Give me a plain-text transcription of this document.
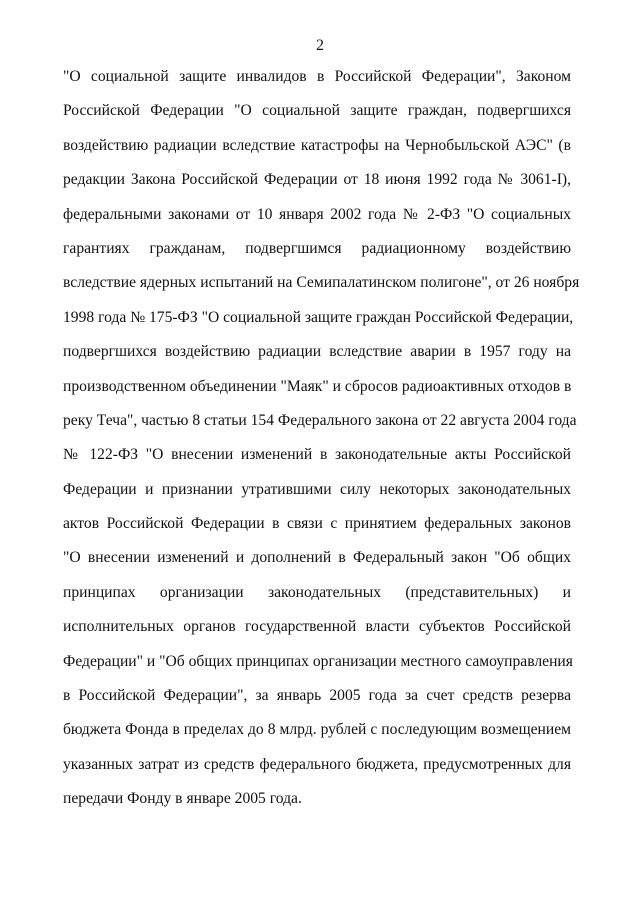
2
"О социальной защите инвалидов в Российской Федерации", Законом
Российской Федерации "О социальной защите граждан, подвергшихся
воздействию радиации вследствие катастрофы на Чернобыльской АЭС" (в
редакции Закона Российской Федерации от 18 июня 1992 года № 3061-I),
федеральными законами от 10 января 2002 года № 2-ФЗ "О социальных
гарантиях гражданам, подвергшимся радиационному воздействию
вследствие ядерных испытаний на Семипалатинском полигоне", от 26 ноября
1998 года № 175-ФЗ "О социальной защите граждан Российской Федерации,
подвергшихся воздействию радиации вследствие аварии в 1957 году на
производственном объединении "Маяк" и сбросов радиоактивных отходов в
реку Теча", частью 8 статьи 154 Федерального закона от 22 августа 2004 года
№ 122-ФЗ "О внесении изменений в законодательные акты Российской
Федерации и признании утратившими силу некоторых законодательных
актов Российской Федерации в связи с принятием федеральных законов
"О внесении изменений и дополнений в Федеральный закон "Об общих
принципах организации законодательных (представительных) и
исполнительных органов государственной власти субъектов Российской
Федерации" и "Об общих принципах организации местного самоуправления
в Российской Федерации", за январь 2005 года за счет средств резерва
бюджета Фонда в пределах до 8 млрд. рублей с последующим возмещением
указанных затрат из средств федерального бюджета, предусмотренных для
передачи Фонду в январе 2005 года.
